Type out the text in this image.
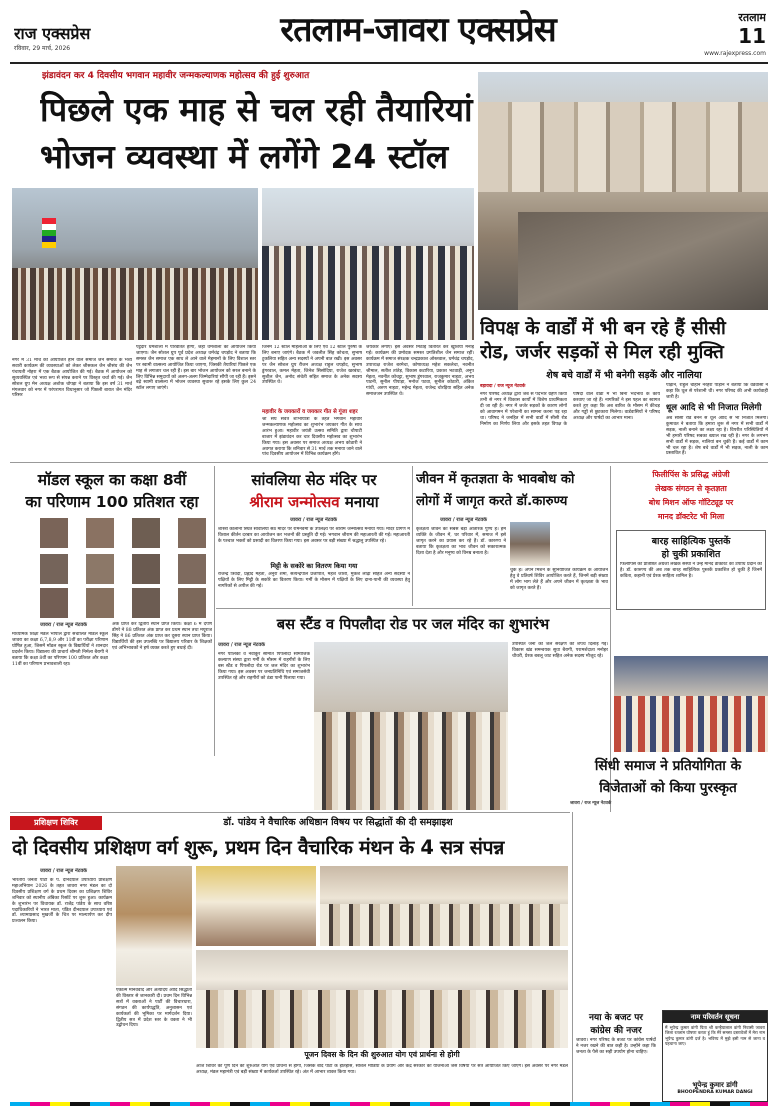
राज एक्सप्रेस
रविवार, 29 मार्च, 2026	रतलाम-जावरा एक्सप्रेस	रतलाम
11
www.rajexpress.com
झंडावंदन कर 4 दिवसीय भगवान महावीर जन्मकल्याणक महोत्सव की हुई शुरुआत
पिछले एक माह से चल रही तैयारियां
भोजन व्यवस्था में लगेंगे 24 स्टॉल
नगर में 31 मार्च को आयोजित होने वाले समाज जैन समाज के भव्य सवारी कार्यक्रम की व्यवस्थाओं को लेकर श्रीसकल जैन श्रीसंघ की जैन पंचायती नोहरा में एक बैठक आयोजित की गई। बैठक में आयोजन को सुव्यवस्थित एवं भव्य रूप से संपन्न कराने पर विस्तृत चर्चा की गई। जैन सोशल ग्रुप मेन अध्यक्ष अशोक चोपड़ा ने बताया कि इस वर्ष 31 मार्च मंगलवार को नगर में परंपरागत विधानुसार जो पिछली बारात जैन मंदिर परिसर
पट्टेदार धर्मशाला में परिवर्तित होगा, जहां धर्मशाला का आयोजन किया जाएगा। जैन सोशल ग्रुप पूर्व प्रदेश अध्यक्ष धर्मचंद्र चपड़ोद ने बताया कि समस्त जैन समाज एक साथ ले आने वाले मेहमानों के लिए विशाल स्तर पर स्वामी वात्सल्य आयोजित किया जाएगा, जिसकी तैयारियां पिछले एक माह से लगातार चल रही हैं। इस बार भोजन आयोजन को सरल बनाने के लिए विभिन्न समुदायों को अलग-अलग जिम्मेदारियां सौंपी जा रही हैं। इसने बढ़े स्वामी वात्सल्य में भोजन व्यवस्था सुचारू रहे इसके लिए कुल 24 स्टॉल लगाए जाएंगे।
जिनमें 12 स्टॉल महिलाओं के लिए एवं 12 स्टॉल पुरुषों के लिए बनाए जाएंगे। बैठक में जवलीत सिंह कोचता, सुभाष टुकलिया सहित अन्य सदस्यों ने अपनी बात रखी। इस अवसर पर जैन सोशल ग्रुप रीजन अध्यक्ष राहुल चपड़ोद, सुभाष डुंगरवाल, कमल मेहता, जिनेश सिसोदिया, राजेश खरबंधा, सुशील जैन, अनोद संचेती सहित समाज के अनेक सदस्य उपस्थित थे।
महावीर के जयकारों व जयकार गीत से गूंजा शहर
श्री संघ सर्वत्र शोभायात्रा के तहत भगवान महावीर जन्मकल्याणक महोत्सव का शुभारंभ जयकार गीत के साथ आरंभ हुआ। महावीर जयंती उत्सव समिति द्वारा चौपाटी बाजार में झंडावंदन कर चार दिवसीय महोत्सव का शुभारंभ किया गया। इस अवसर पर समाज अध्यक्ष अभय कोठारी ने अवगत कराया कि शनिवार से 31 मार्च तक मनाया जाने वाले पांच दिवसीय आयोजन में विभिन्न कार्यक्रम होंगे।
जयकारे लगाए। इस अवसर मिठाई वितरित कर खुशियां मनाई गईं। कार्यक्रम की प्रमोदक समस्त प्रगतिशील जैन समाज रहीं। कार्यक्रम में समाज संरक्षक चन्द्रप्रकाश ओस्तवाल, धर्मचंद्र चपड़ोद, उपाध्यक्ष राजेश बरमेचा, कोषाध्यक्ष महेश सकलेचा, नवनीत श्रीमाल, सतीश तांतेड़, विकास कटारिया, प्रकाश भटवाड़ी, अनूप मेहता, नवनीत कोचट्टा, सुभाष डुंगरवाल, राजकुमार नाहटा, अभय पाटनी, सुनील पीपाड़ा, मनोज पटवा, सुनील कोठारी, अंकित गांधी, अरुण नाहटा, महेन्द्र मेहता, राजेन्द्र चोरड़िया सहित अनेक समाजजन उपस्थित थे।
विपक्ष के वार्डों में भी बन रहे हैं सीसी
रोड, जर्जर सड़कों से मिल रही मुक्ति
शेष बचे वार्डों में भी बनेगी सड़कें और नालिया
बड़ावदा / राज न्यूज नेटवर्क
नगर परिषद अध्यक्ष द्वारा जब से पदभार ग्रहण किया तभी से नगर में विकास कार्यों में विशेष प्राथमिकता दी जा रही है। नगर में जर्जर सड़कों के कारण लोगों को आवागमन में परेशानी का सामना करना पड़ रहा था। परिषद ने जनहित में सभी वार्डों में सीसी रोड निर्माण का निर्णय लिया और इसके तहत विपक्ष के पार्षदों वाले वार्डों में भी बिना भेदभाव के कार्य करवाए जा रहे हैं। नागरिकों ने इस पहल का स्वागत करते हुए कहा कि अब बारिश के मौसम में कीचड़ और गड्ढों से छुटकारा मिलेगा। वार्डवासियों ने परिषद अध्यक्ष और पार्षदों का आभार माना।
पाड़ान, राहुल चौहान नरहरा पाड़ान ने बताया कि वर्डवासी ने कहा कि धूल से परेशानी थी। नगर परिषद की अभी कार्यवाही जारी है।
धूल आदि से भी निजात मिलेगी
अब सीसी रोड बनने से धूल आदि से भी निजात मिलेगी। कुमावत ने बताया कि हमारा शुरू से नगर में सभी वार्डों में सड़क, नाली बनाने का लक्ष्य रहा है। विपरीत परिस्थितियों में भी हमारी परिषद सबका ख्याल रख रही है। नगर के लगभग सभी वार्डों में सड़क, नालियां बन चुकी हैं। कई वार्डों में काम भी चल रहा है। शेष बचे वार्डों में भी सड़क, नाली के काम प्रस्तावित हैं।
मॉडल स्कूल का कक्षा 8वीं
का परिणाम 100 प्रतिशत रहा
जावरा / राज न्यूज नेटवर्क
माध्यमिक शिक्षा मंडल भोपाल द्वारा संचालित मॉडल स्कूल जावरा का कक्षा 6,7,8,9 और 11वीं का परीक्षा परिणाम घोषित हुआ, जिसमें मॉडल स्कूल के विद्यार्थियों ने शानदार प्रदर्शन किया। विद्यालय की प्राचार्य श्रीमती निर्मला बैरागी ने बताया कि कक्षा 8वीं का परिणाम 100 प्रतिशत और कक्षा 11वीं का परिणाम प्रभावशाली रहा।
अंक प्राप्त कर द्वितीय स्थान प्राप्त किया। कक्षा 6 में दर्पण डोंगरे ने 88 प्रतिशत अंक प्राप्त कर प्रथम स्थान तथा मयूराज सिंह ने 86 प्रतिशत अंक प्राप्त कर दूसरा स्थान प्राप्त किया। विद्यार्थियों की इस उपलब्धि पर विद्यालय परिवार के शिक्षकों एवं अभिभावकों ने हर्ष व्यक्त करते हुए बधाई दी।
सांवलिया सेठ मंदिर पर
श्रीराम जन्मोत्सव मनाया
जावरा / राज न्यूज नेटवर्क
शास्त्री कॉलोनी स्थित सांवलिया सेठ मंदिर पर रामनवमी के उपलक्ष्य पर श्रीराम जन्मोत्सव मनाया गया। मंदिर प्रांगण में विशाल कीर्तन दरबार का आयोजन कर भजनों की प्रस्तुति दी गई। भगवान श्रीराम की महाआरती की गई। महाआरती के पश्चात भक्तों को प्रसादी का वितरण किया गया। इस अवसर पर बड़ी संख्या में श्रद्धालु उपस्थित रहे।
मिट्टी के सकोरे का वितरण किया गया
राजेन्द्र त्रिवेदी, प्रह्लाद मेहता, अनुरा शर्मा, सत्येन्द्रपाल प्रजापति, महेश जोशी, मुकेश लोढ़ा सहित अन्य सदस्यों ने पक्षियों के लिए मिट्टी के सकोरे का वितरण किया। गर्मी के मौसम में पक्षियों के लिए दाना-पानी की व्यवस्था हेतु नागरिकों से अपील की गई।
जीवन में कृतज्ञता के भावबोध को
लोगों में जागृत करते डॉ.कारुण्य
जावरा / राज न्यूज नेटवर्क
कृतज्ञता जीवन का सबसे बड़ा आंतरिक पुण्य है। हम व्यक्ति के जीवन में, घर परिवार में, समाज में इसे जागृत करने का प्रयास कर रहे हैं। डॉ. कारुण्य ने बताया कि कृतज्ञता का भाव जीवन को सकारात्मक दिशा देता है और मनुष्य को विनम्र बनाता है।
चुके हैं। अपने मिशन के सुनियोजित कार्यक्रम के आयोजन हेतु वे प्रतिवर्ष शिविर आयोजित करते हैं, जिनमें बड़ी संख्या में लोग भाग लेते हैं और अपने जीवन में कृतज्ञता के भाव को जागृत करते हैं।
फिलीपिंस के प्रसिद्ध अंग्रेजी
लेखक संगठन से कृतज्ञता
बोध मिशन ऑफ गॉटिट्यूड पर
मानद डॉक्टरेट भी मिला
बारह साहित्यिक पुस्तकें
हो चुकी प्रकाशित
फिलीपिंस की प्रतिष्ठित अंग्रेजी लेखक संस्था ने उन्हें मानद डॉक्टरेट की उपाधि प्रदान की है। डॉ. कारुण्य की अब तक बारह साहित्यिक पुस्तकें प्रकाशित हो चुकी हैं जिनमें कविता, कहानी एवं प्रेरक साहित्य शामिल है।
बस स्टैंड व पिपलौदा रोड पर जल मंदिर का शुभारंभ
जावरा / राज न्यूज नेटवर्क
नगर पालिका व नवांकुर समिति पिपलौदा सामाजिक कल्याण संस्था द्वारा गर्मी के मौसम में राहगीरों के लिए बस स्टैंड व पिपलौदा रोड पर जल मंदिर का शुभारंभ किया गया। इस अवसर पर जनप्रतिनिधि एवं समाजसेवी उपस्थित रहे और राहगीरों को ठंडा पानी पिलाया गया।
उपस्थित जनों को जल संरक्षण की शपथ दिलाई गई। विकास खंड समन्वयक सुधा बैरागी, परामर्शदाता मनोहर चौधरी, प्रेरक बबलू जाट सहित अनेक सदस्य मौजूद रहे।
सिंधी समाज ने प्रतियोगिता के
विजेताओं को किया पुरस्कृत
जावरा / राज न्यूज नेटवर्क
प्रशिक्षण शिविर	डॉ. पांडेय ने वैचारिक अधिष्ठान विषय पर सिद्धांतों की दी समझाइश
दो दिवसीय प्रशिक्षण वर्ग शुरू, प्रथम दिन वैचारिक मंथन के 4 सत्र संपन्न
जावरा / राज न्यूज नेटवर्क
भारतीय जनता पार्टी के प. दीनदयाल उपाध्याय प्रशिक्षण महाअभियान 2026 के तहत जावरा नगर मंडल का दो दिवसीय प्रशिक्षण वर्ग के प्रथम दिवस का प्रशिक्षण शिविर शनिवार को स्थानीय अंबिका रिसॉर्ट पर शुरू हुआ। कार्यक्रम के शुभारंभ पर विधायक डॉ. राजेंद्र पांडेय के साथ वरिष्ठ पदाधिकारियों ने भारत माता, पंडित दीनदयाल उपाध्याय एवं डॉ. श्यामाप्रसाद मुखर्जी के चित्र पर माल्यार्पण कर दीप प्रज्वलन किया।
एकात्म मानववाद और अंत्योदय आदि सिद्धांतों की विस्तार से जानकारी दी। प्रथम दिन विभिन्न सत्रों में वक्ताओं ने पार्टी की विचारधारा, संगठन की कार्यपद्धति, अनुशासन एवं कार्यकर्ता की भूमिका पर मार्गदर्शन दिया। द्वितीय सत्र में प्रदेश स्तर के वक्ता ने भी उद्बोधन दिया।
पूजन दिवस के दिन की शुरुआत योग एवं प्रार्थना से होगी
आज शिविर की पूर्ण दिन की शुरुआत योग एवं प्रार्थना से होगी, जिसके बाद पार्टी के इतिहास, सोशल मीडिया के प्रयोग और केंद्र सरकार की योजनाओं जैसे विषयों पर सत्र आयोजित किए जाएंगे। इस अवसर पर नगर मंडल अध्यक्ष, मंडल महामंत्री एवं बड़ी संख्या में कार्यकर्ता उपस्थित रहे। अंत में आभार व्यक्त किया गया।
नया के बजट पर
कांग्रेस की नजर
जावरा। नगर परिषद के बजट पर कांग्रेस पार्षदों ने नजर रखने की बात कही है। उन्होंने कहा कि जनता के पैसे का सही उपयोग होना चाहिए।
नाम परिवर्तन सूचना
मैं भूपेन्द्र कुमार डांगी पिता श्री कन्हैयालाल डांगी निवासी जावरा जिला रतलाम घोषणा करता हूं कि मेरे समस्त दस्तावेजों में मेरा नाम भूपेन्द्र कुमार डांगी दर्ज है। भविष्य में मुझे इसी नाम से जाना व पहचाना जाए।
भूपेन्द्र कुमार डांगी
BHOOPENDRA KUMAR DANGI
